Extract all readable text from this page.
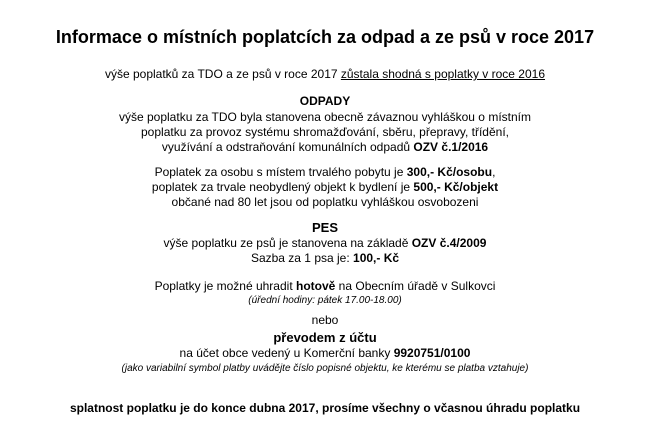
Informace o místních poplatcích za odpad a ze psů v roce 2017
výše poplatků za TDO a ze psů v roce 2017 zůstala shodná s poplatky v roce 2016
ODPADY
výše poplatku za TDO byla stanovena obecně závaznou vyhláškou o místním
poplatku za provoz systému shromažďování, sběru, přepravy, třídění,
využívání a odstraňování komunálních odpadů OZV č.1/2016
Poplatek za osobu s místem trvalého pobytu je 300,- Kč/osobu,
poplatek za trvale neobydlený objekt k bydlení je 500,- Kč/objekt
občané nad 80 let jsou od poplatku vyhláškou osvobozeni
PES
výše poplatku ze psů je stanovena na základě OZV č.4/2009
Sazba za 1 psa je: 100,- Kč
Poplatky je možné uhradit hotově na Obecním úřadě v Sulkovci
(úřední hodiny: pátek 17.00-18.00)
nebo
převodem z účtu
na účet obce vedený u Komerční banky 9920751/0100
(jako variabilní symbol platby uvádějte číslo popisné objektu, ke kterému se platba vztahuje)
splatnost poplatku je do konce dubna 2017, prosíme všechny o včasnou úhradu poplatku
